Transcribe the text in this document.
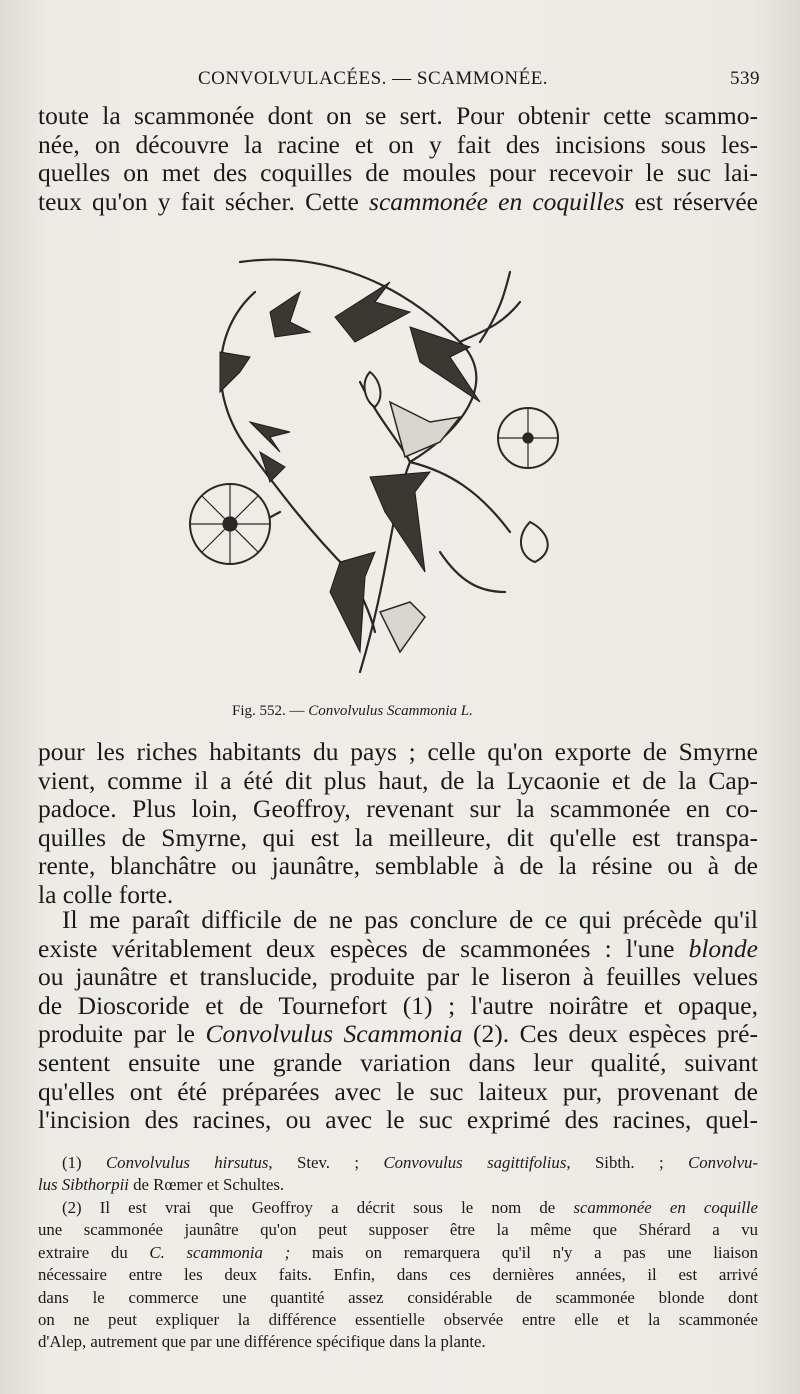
CONVOLVULACÉES. — SCAMMONÉE.	539
toute la scammonée dont on se sert. Pour obtenir cette scammo-
née, on découvre la racine et on y fait des incisions sous les-
quelles on met des coquilles de moules pour recevoir le suc lai-
teux qu'on y fait sécher. Cette scammonée en coquilles est réservée
Fig. 552. — Convolvulus Scammonia L.
pour les riches habitants du pays ; celle qu'on exporte de Smyrne
vient, comme il a été dit plus haut, de la Lycaonie et de la Cap-
padoce. Plus loin, Geoffroy, revenant sur la scammonée en co-
quilles de Smyrne, qui est la meilleure, dit qu'elle est transpa-
rente, blanchâtre ou jaunâtre, semblable à de la résine ou à de
la colle forte.
Il me paraît difficile de ne pas conclure de ce qui précède qu'il
existe véritablement deux espèces de scammonées : l'une blonde
ou jaunâtre et translucide, produite par le liseron à feuilles velues
de Dioscoride et de Tournefort (1) ; l'autre noirâtre et opaque,
produite par le Convolvulus Scammonia (2). Ces deux espèces pré-
sentent ensuite une grande variation dans leur qualité, suivant
qu'elles ont été préparées avec le suc laiteux pur, provenant de
l'incision des racines, ou avec le suc exprimé des racines, quel-
(1) Convolvulus hirsutus, Stev. ; Convovulus sagittifolius, Sibth. ; Convolvu-
lus Sibthorpii de Rœmer et Schultes.
(2) Il est vrai que Geoffroy a décrit sous le nom de scammonée en coquille
une scammonée jaunâtre qu'on peut supposer être la même que Shérard a vu
extraire du C. scammonia ; mais on remarquera qu'il n'y a pas une liaison
nécessaire entre les deux faits. Enfin, dans ces dernières années, il est arrivé
dans le commerce une quantité assez considérable de scammonée blonde dont
on ne peut expliquer la différence essentielle observée entre elle et la scammonée
d'Alep, autrement que par une différence spécifique dans la plante.
